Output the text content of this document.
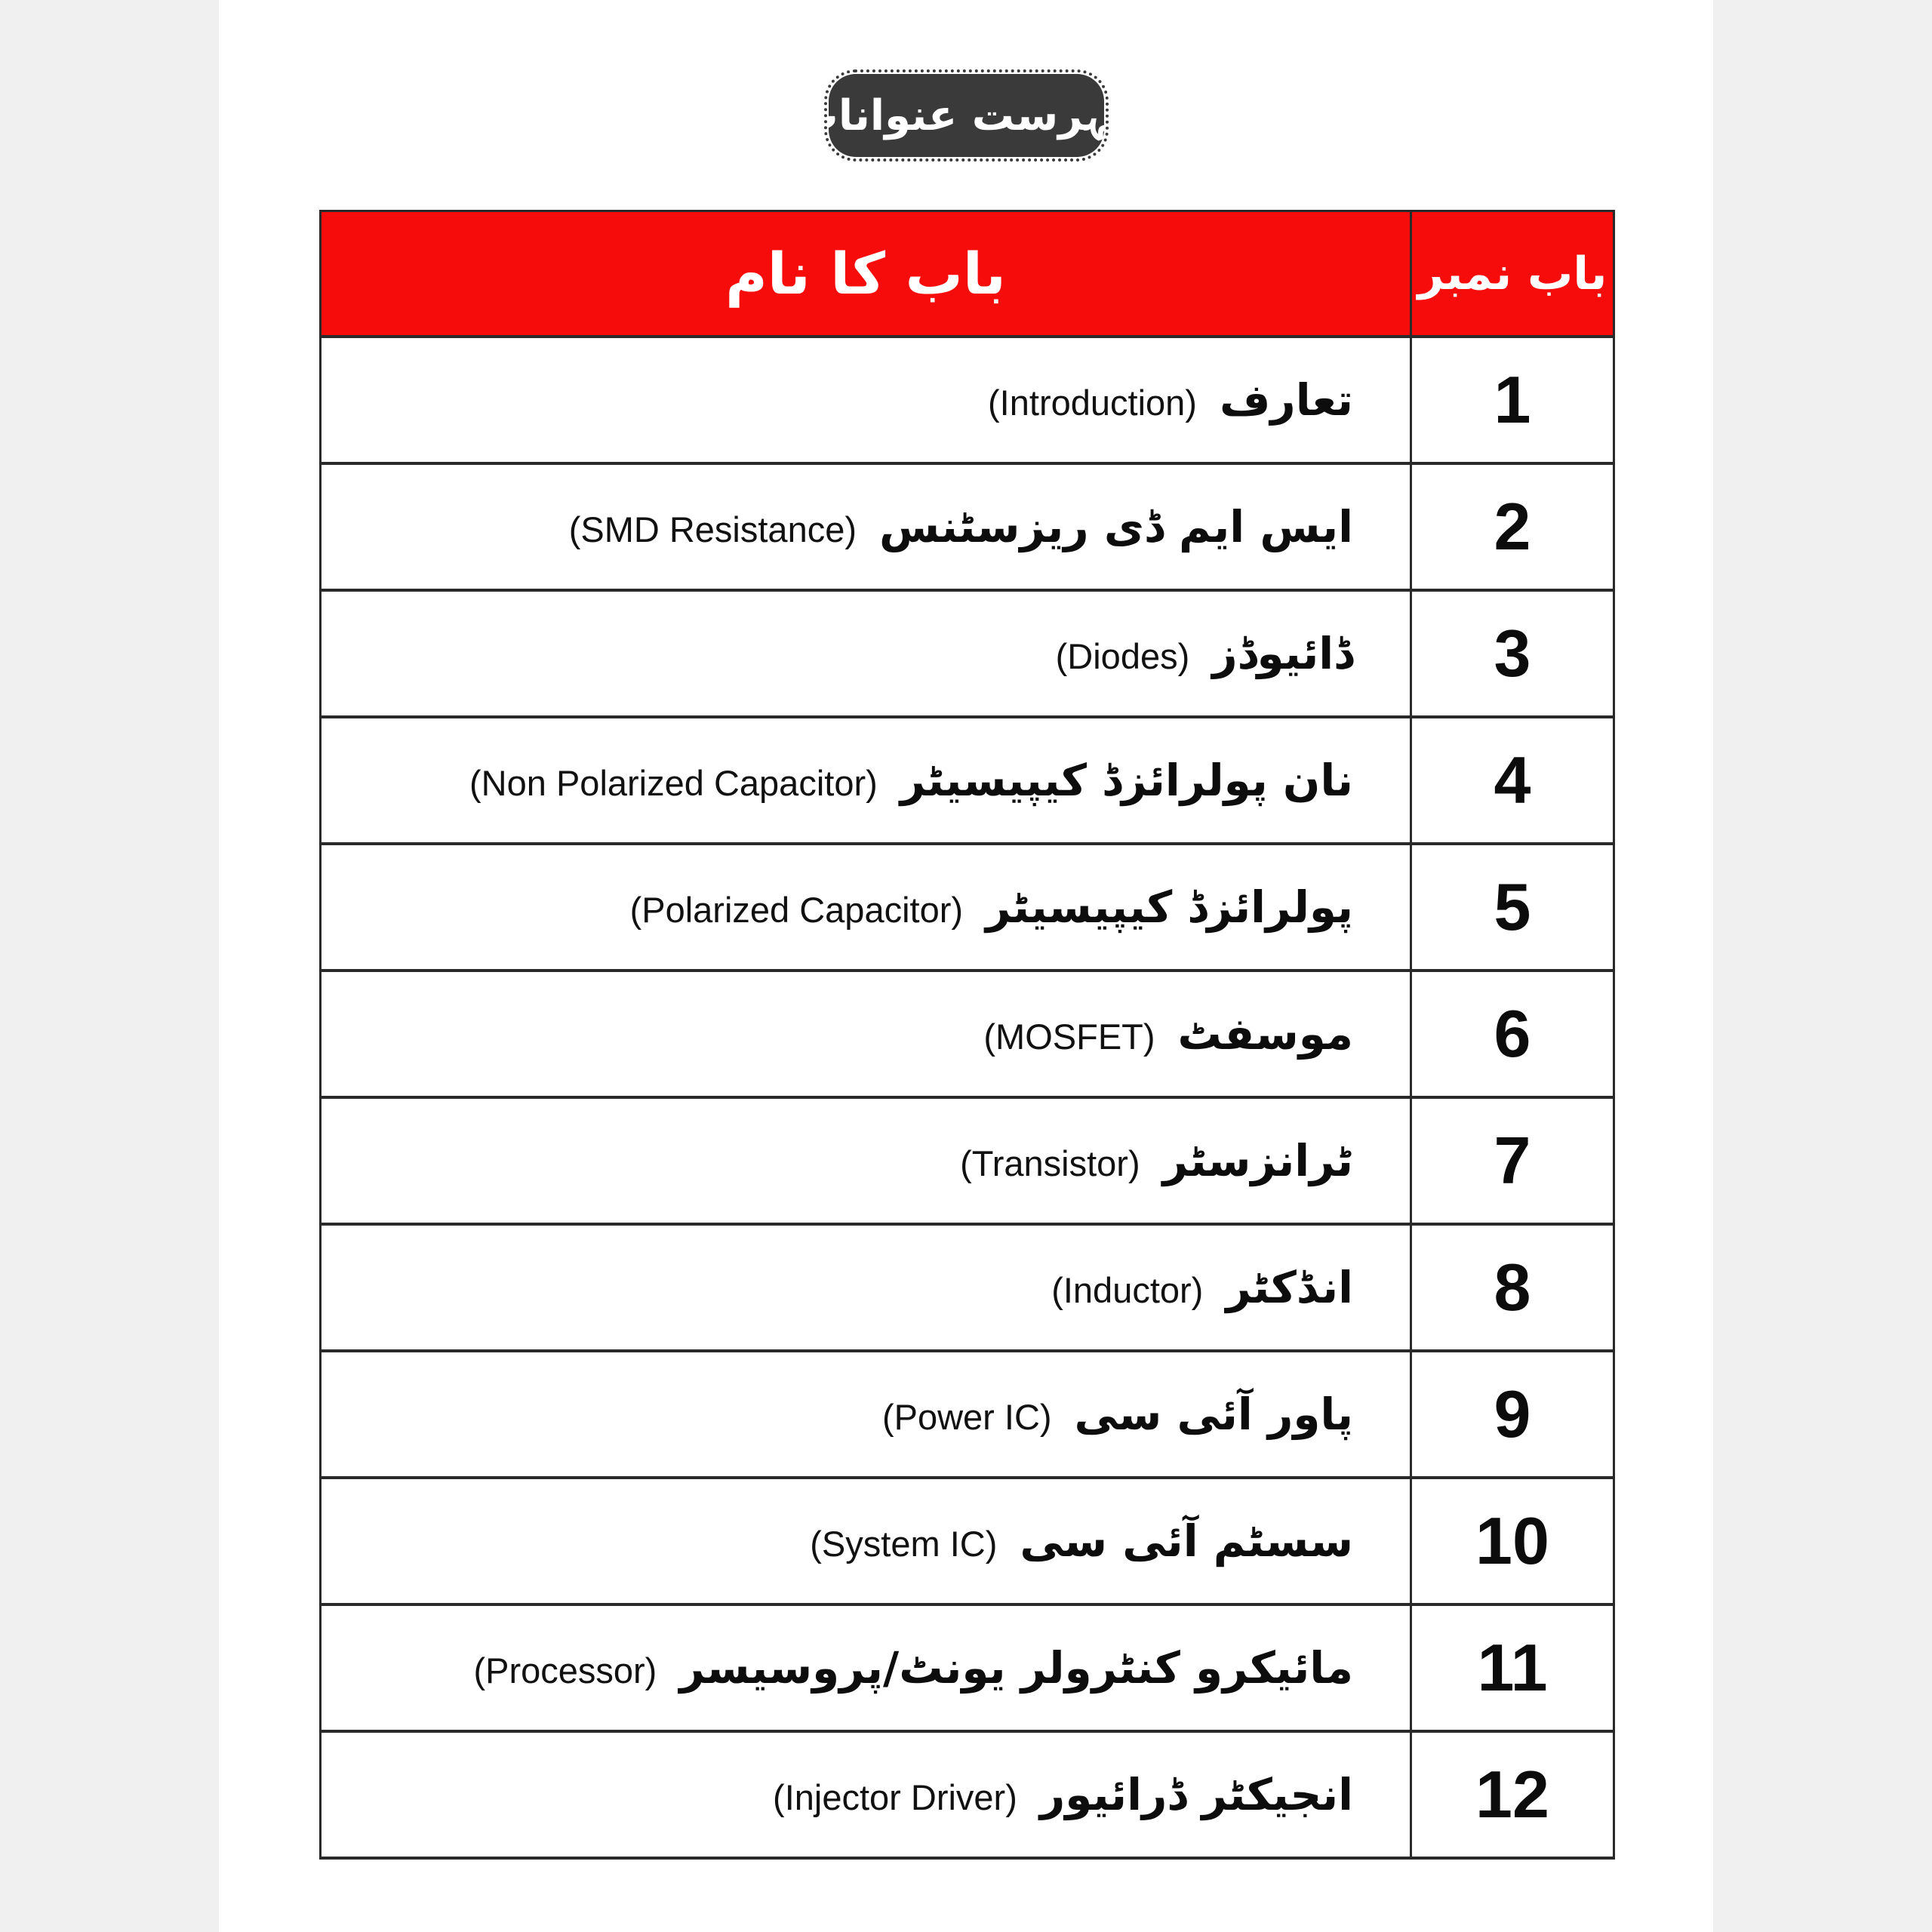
فہرست عنوانات
باب کا نام	باب نمبر
تعارف(Introduction)	1
ایس ایم ڈی ریزسٹنس(SMD Resistance)	2
ڈائیوڈز(Diodes)	3
نان پولرائزڈ کیپیسیٹر(Non Polarized Capacitor)	4
پولرائزڈ کیپیسیٹر(Polarized Capacitor)	5
موسفٹ(MOSFET)	6
ٹرانزسٹر(Transistor)	7
انڈکٹر(Inductor)	8
پاور آئی سی(Power IC)	9
سسٹم آئی سی(System IC)	10
مائیکرو کنٹرولر یونٹ/پروسیسر(Processor)	11
انجیکٹر ڈرائیور(Injector Driver)	12
